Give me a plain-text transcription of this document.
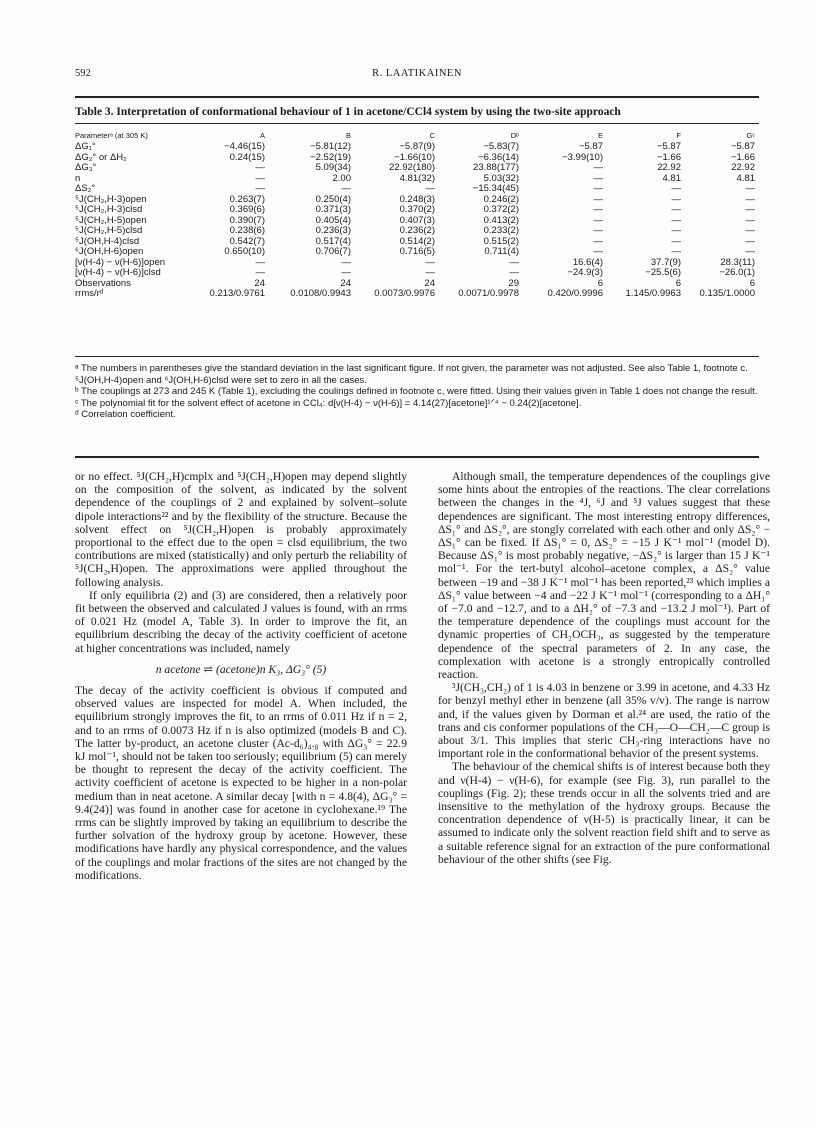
592	R. LAATIKAINEN
Table 3. Interpretation of conformational behaviour of 1 in acetone/CCl4 system by using the two-site approach
Parameterᵃ (at 305 K)	A	B	C	Dᵇ	E	F	Gᶜ
ΔG₁°	−4.46(15)	−5.81(12)	−5.87(9)	−5.83(7)	−5.87	−5.87	−5.87
ΔG₂° or ΔH₂	0.24(15)	−2.52(19)	−1.66(10)	−6.36(14)	−3.99(10)	−1.66	−1.66
ΔG₃°	—	5.09(34)	22.92(180)	23.88(177)	—	22.92	22.92
n	—	2.00	4.81(32)	5.03(32)	—	4.81	4.81
ΔS₂°	—	—	—	−15.34(45)	—	—	—
⁵J(CH₂,H-3)open	0.263(7)	0.250(4)	0.248(3)	0.246(2)	—	—	—
⁵J(CH₂,H-3)clsd	0.369(6)	0.371(3)	0.370(2)	0.372(2)	—	—	—
⁵J(CH₂,H-5)open	0.390(7)	0.405(4)	0.407(3)	0.413(2)	—	—	—
⁵J(CH₂,H-5)clsd	0.238(6)	0.236(3)	0.236(2)	0.233(2)	—	—	—
⁵J(OH,H-4)clsd	0.542(7)	0.517(4)	0.514(2)	0.515(2)	—	—	—
⁶J(OH,H-6)open	0.650(10)	0.706(7)	0.716(5)	0.711(4)	—	—	—
[ν(H-4) − ν(H-6)]open	—	—	—	—	16.6(4)	37.7(9)	28.3(11)
[ν(H-4) − ν(H-6)]clsd	—	—	—	—	−24.9(3)	−25.5(6)	−26.0(1)
Observations	24	24	24	29	6	6	6
rrms/rᵈ	0.213/0.9761	0.0108/0.9943	0.0073/0.9976	0.0071/0.9978	0.420/0.9996	1.145/0.9963	0.135/1.0000

ᵃ The numbers in parentheses give the standard deviation in the last significant figure. If not given, the parameter was not adjusted. See also Table 1, footnote c. ⁵J(OH,H-4)open and ⁶J(OH,H-6)clsd were set to zero in all the cases.

ᵇ The couplings at 273 and 245 K (Table 1), excluding the coulings defined in footnote c, were fitted. Using their values given in Table 1 does not change the result.

ᶜ The polynomial fit for the solvent effect of acetone in CCl₄: d[ν(H-4) − ν(H-6)] = 4.14(27)[acetone]¹ᐟ⁴ − 0.24(2)[acetone].

ᵈ Correlation coefficient.

or no effect. ⁵J(CH₂,H)cmplx and ⁵J(CH₂,H)open may depend slightly on the composition of the solvent, as indicated by the solvent dependence of the couplings of 2 and explained by solvent–solute dipole interactions²² and by the flexibility of the structure. Because the solvent effect on ⁵J(CH₂,H)open is probably approximately proportional to the effect due to the open = clsd equilibrium, the two contributions are mixed (statistically) and only perturb the reliability of ⁵J(CH₂,H)open. The approximations were applied throughout the following analysis.

If only equilibria (2) and (3) are considered, then a relatively poor fit between the observed and calculated J values is found, with an rrms of 0.021 Hz (model A, Table 3). In order to improve the fit, an equilibrium describing the decay of the activity coefficient of acetone at higher concentrations was included, namely

n acetone ⇌ (acetone)n K₃, ΔG₃° (5)

The decay of the activity coefficient is obvious if computed and observed values are inspected for model A. When included, the equilibrium strongly improves the fit, to an rrms of 0.011 Hz if n = 2, and to an rrms of 0.0073 Hz if n is also optimized (models B and C). The latter by-product, an acetone cluster (Ac-d₆)₄.₈ with ΔG₃° = 22.9 kJ mol⁻¹, should not be taken too seriously; equilibrium (5) can merely be thought to represent the decay of the activity coefficient. The activity coefficient of acetone is expected to be higher in a non-polar medium than in neat acetone. A similar decay [with n = 4.8(4), ΔG₃° = 9.4(24)] was found in another case for acetone in cyclohexane.¹⁹ The rrms can be slightly improved by taking an equilibrium to describe the further solvation of the hydroxy group by acetone. However, these modifications have hardly any physical correspondence, and the values of the couplings and molar fractions of the sites are not changed by the modifications.

Although small, the temperature dependences of the couplings give some hints about the entropies of the reactions. The clear correlations between the changes in the ⁴J, ⁶J and ⁵J values suggest that these dependences are significant. The most interesting entropy differences, ΔS₁° and ΔS₂°, are stongly correlated with each other and only ΔS₂° − ΔS₁° can be fixed. If ΔS₁° = 0, ΔS₂° = −15 J K⁻¹ mol⁻¹ (model D). Because ΔS₁° is most probably negative, −ΔS₂° is larger than 15 J K⁻¹ mol⁻¹. For the tert-butyl alcohol–acetone complex, a ΔS₂° value between −19 and −38 J K⁻¹ mol⁻¹ has been reported,²³ which implies a ΔS₁° value between −4 and −22 J K⁻¹ mol⁻¹ (corresponding to a ΔH₁° of −7.0 and −12.7, and to a ΔH₂° of −7.3 and −13.2 J mol⁻¹). Part of the temperature dependence of the couplings must account for the dynamic properties of CH₂OCH₃, as suggested by the temperature dependence of the spectral parameters of 2. In any case, the complexation with acetone is a strongly entropically controlled reaction.

³J(CH₃,CH₂) of 1 is 4.03 in benzene or 3.99 in acetone, and 4.33 Hz for benzyl methyl ether in benzene (all 35% v/v). The range is narrow and, if the values given by Dorman et al.²⁴ are used, the ratio of the trans and cis conformer populations of the CH₃—O—CH₂—C group is about 3/1. This implies that steric CH₃-ring interactions have no important role in the conformational behavior of the present systems.

The behaviour of the chemical shifts is of interest because both they and ν(H-4) − ν(H-6), for example (see Fig. 3), run parallel to the couplings (Fig. 2); these trends occur in all the solvents tried and are insensitive to the methylation of the hydroxy groups. Because the concentration dependence of ν(H-5) is practically linear, it can be assumed to indicate only the solvent reaction field shift and to serve as a suitable reference signal for an extraction of the pure conformational behaviour of the other shifts (see Fig.
